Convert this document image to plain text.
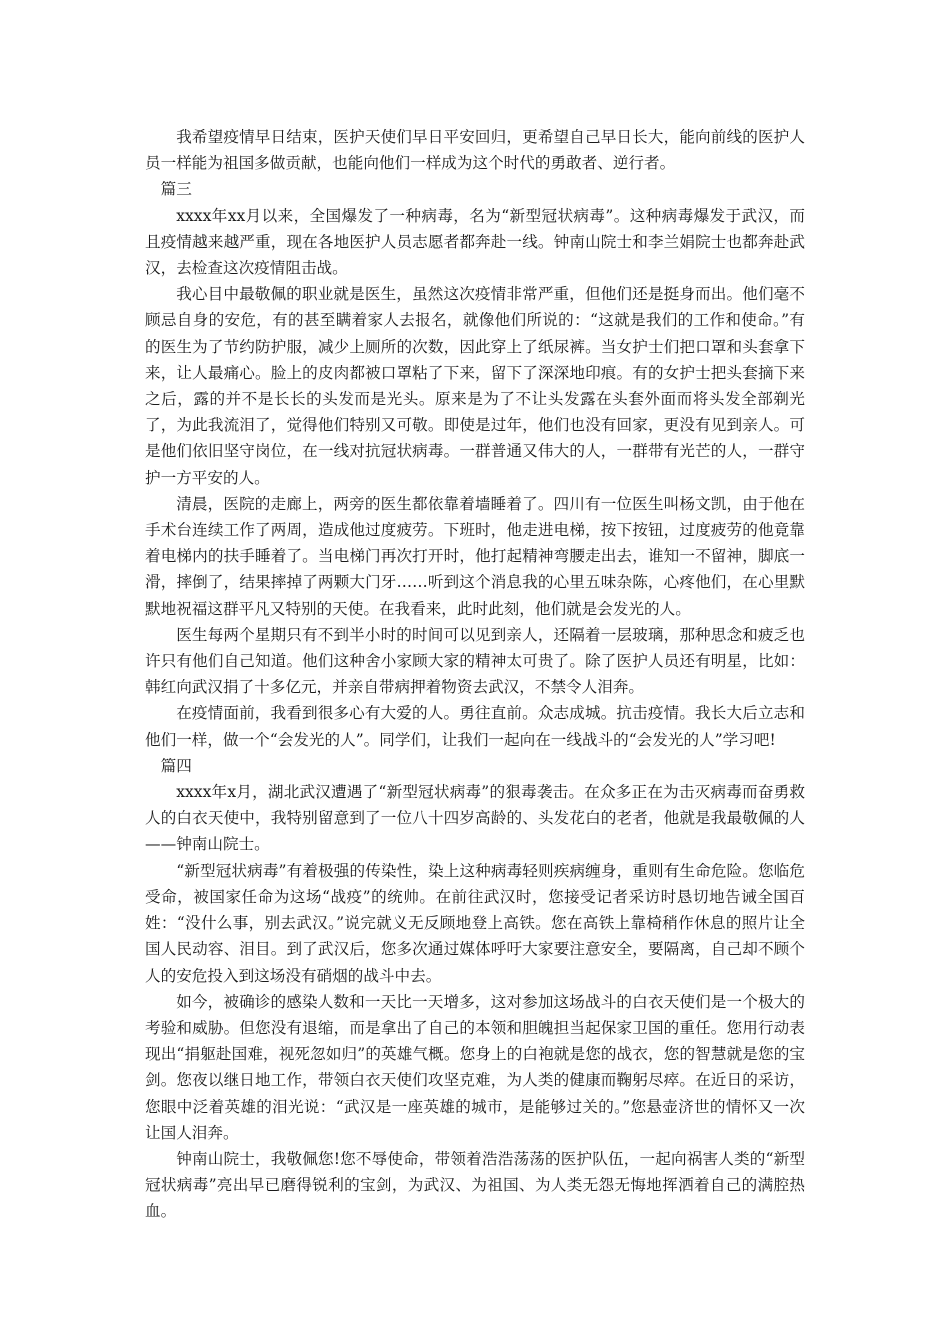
我希望疫情早日结束，医护天使们早日平安回归，更希望自己早日长大，能向前线的医护人员一样能为祖国多做贡献，也能向他们一样成为这个时代的勇敢者、逆行者。

篇三

xxxx年xx月以来，全国爆发了一种病毒，名为“新型冠状病毒”。这种病毒爆发于武汉，而且疫情越来越严重，现在各地医护人员志愿者都奔赴一线。钟南山院士和李兰娟院士也都奔赴武汉，去检查这次疫情阻击战。

我心目中最敬佩的职业就是医生，虽然这次疫情非常严重，但他们还是挺身而出。他们毫不顾忌自身的安危，有的甚至瞒着家人去报名，就像他们所说的：“这就是我们的工作和使命。”有的医生为了节约防护服，减少上厕所的次数，因此穿上了纸尿裤。当女护士们把口罩和头套拿下来，让人最痛心。脸上的皮肉都被口罩粘了下来，留下了深深地印痕。有的女护士把头套摘下来之后，露的并不是长长的头发而是光头。原来是为了不让头发露在头套外面而将头发全部剃光了，为此我流泪了，觉得他们特别又可敬。即使是过年，他们也没有回家，更没有见到亲人。可是他们依旧坚守岗位，在一线对抗冠状病毒。一群普通又伟大的人，一群带有光芒的人，一群守护一方平安的人。

清晨，医院的走廊上，两旁的医生都依靠着墙睡着了。四川有一位医生叫杨文凯，由于他在手术台连续工作了两周，造成他过度疲劳。下班时，他走进电梯，按下按钮，过度疲劳的他竟靠着电梯内的扶手睡着了。当电梯门再次打开时，他打起精神弯腰走出去，谁知一不留神，脚底一滑，摔倒了，结果摔掉了两颗大门牙……听到这个消息我的心里五味杂陈，心疼他们，在心里默默地祝福这群平凡又特别的天使。在我看来，此时此刻，他们就是会发光的人。

医生每两个星期只有不到半小时的时间可以见到亲人，还隔着一层玻璃，那种思念和疲乏也许只有他们自己知道。他们这种舍小家顾大家的精神太可贵了。除了医护人员还有明星，比如：韩红向武汉捐了十多亿元，并亲自带病押着物资去武汉，不禁令人泪奔。

在疫情面前，我看到很多心有大爱的人。勇往直前。众志成城。抗击疫情。我长大后立志和他们一样，做一个“会发光的人”。同学们，让我们一起向在一线战斗的“会发光的人”学习吧!

篇四

xxxx年x月，湖北武汉遭遇了“新型冠状病毒”的狠毒袭击。在众多正在为击灭病毒而奋勇救人的白衣天使中，我特别留意到了一位八十四岁高龄的、头发花白的老者，他就是我最敬佩的人——钟南山院士。

“新型冠状病毒”有着极强的传染性，染上这种病毒轻则疾病缠身，重则有生命危险。您临危受命，被国家任命为这场“战疫”的统帅。在前往武汉时，您接受记者采访时恳切地告诫全国百姓：“没什么事，别去武汉。”说完就义无反顾地登上高铁。您在高铁上靠椅稍作休息的照片让全国人民动容、泪目。到了武汉后，您多次通过媒体呼吁大家要注意安全，要隔离，自己却不顾个人的安危投入到这场没有硝烟的战斗中去。

如今，被确诊的感染人数和一天比一天增多，这对参加这场战斗的白衣天使们是一个极大的考验和威胁。但您没有退缩，而是拿出了自己的本领和胆魄担当起保家卫国的重任。您用行动表现出“捐躯赴国难，视死忽如归”的英雄气概。您身上的白袍就是您的战衣，您的智慧就是您的宝剑。您夜以继日地工作，带领白衣天使们攻坚克难，为人类的健康而鞠躬尽瘁。在近日的采访，您眼中泛着英雄的泪光说：“武汉是一座英雄的城市，是能够过关的。”您悬壶济世的情怀又一次让国人泪奔。

钟南山院士，我敬佩您!您不辱使命，带领着浩浩荡荡的医护队伍，一起向祸害人类的“新型冠状病毒”亮出早已磨得锐利的宝剑，为武汉、为祖国、为人类无怨无悔地挥洒着自己的满腔热血。
